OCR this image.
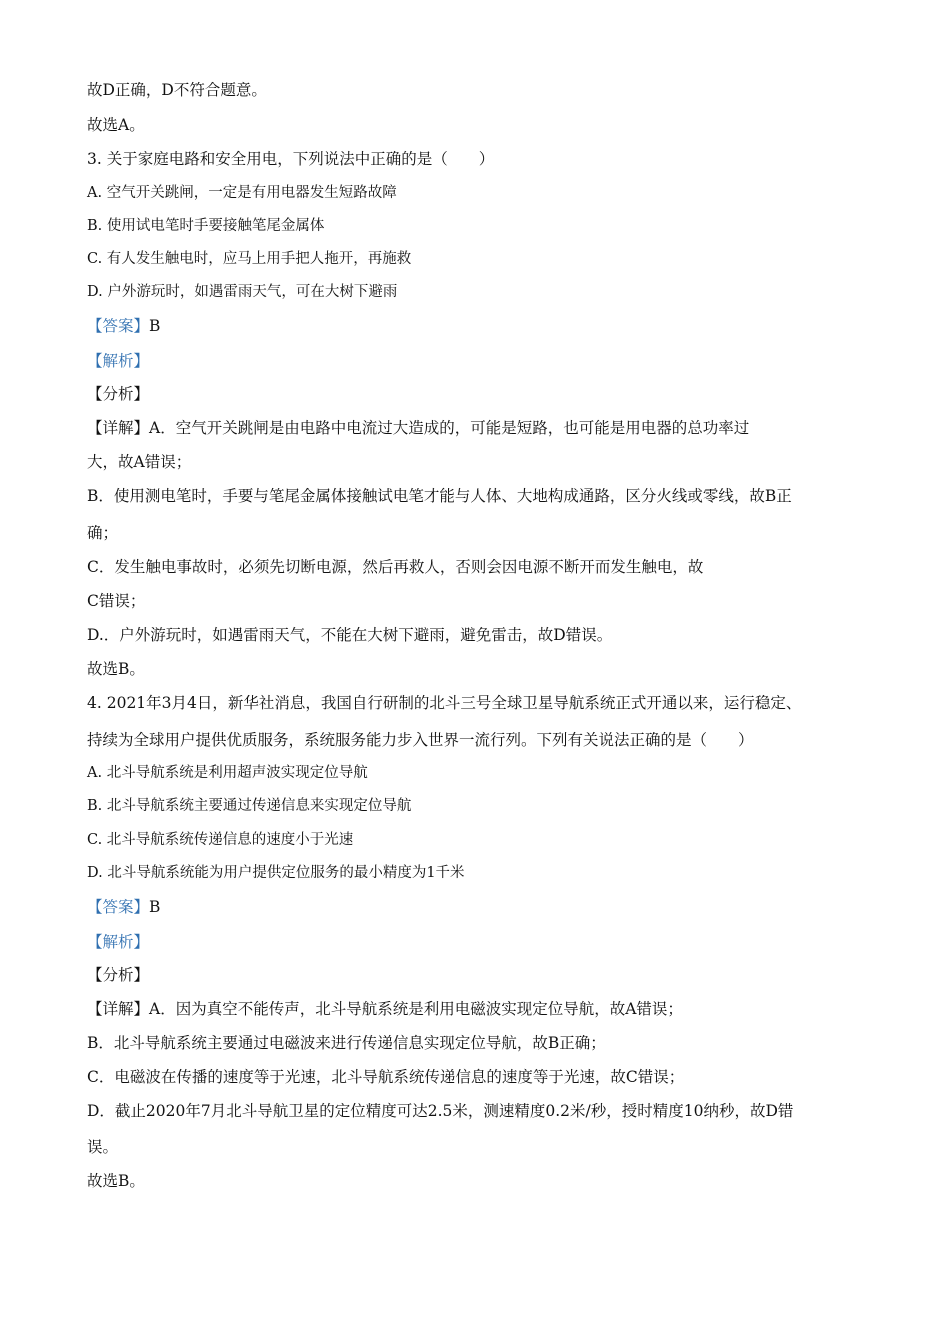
故D正确，D不符合题意。
故选A。
3. 关于家庭电路和安全用电，下列说法中正确的是（　　）
A. 空气开关跳闸，一定是有用电器发生短路故障
B. 使用试电笔时手要接触笔尾金属体
C. 有人发生触电时，应马上用手把人拖开，再施救
D. 户外游玩时，如遇雷雨天气，可在大树下避雨
【答案】B
【解析】
【分析】
【详解】A．空气开关跳闸是由电路中电流过大造成的，可能是短路，也可能是用电器的总功率过
大，故A错误；
B．使用测电笔时，手要与笔尾金属体接触试电笔才能与人体、大地构成通路，区分火线或零线，故B正
确；
C．发生触电事故时，必须先切断电源，然后再救人，否则会因电源不断开而发生触电，故
C错误；
D.．户外游玩时，如遇雷雨天气，不能在大树下避雨，避免雷击，故D错误。
故选B。
4. 2021年3月4日，新华社消息，我国自行研制的北斗三号全球卫星导航系统正式开通以来，运行稳定、
持续为全球用户提供优质服务，系统服务能力步入世界一流行列。下列有关说法正确的是（　　）
A. 北斗导航系统是利用超声波实现定位导航
B. 北斗导航系统主要通过传递信息来实现定位导航
C. 北斗导航系统传递信息的速度小于光速
D. 北斗导航系统能为用户提供定位服务的最小精度为1千米
【答案】B
【解析】
【分析】
【详解】A．因为真空不能传声，北斗导航系统是利用电磁波实现定位导航，故A错误；
B．北斗导航系统主要通过电磁波来进行传递信息实现定位导航，故B正确；
C．电磁波在传播的速度等于光速，北斗导航系统传递信息的速度等于光速，故C错误；
D．截止2020年7月北斗导航卫星的定位精度可达2.5米，测速精度0.2米/秒，授时精度10纳秒，故D错
误。
故选B。
